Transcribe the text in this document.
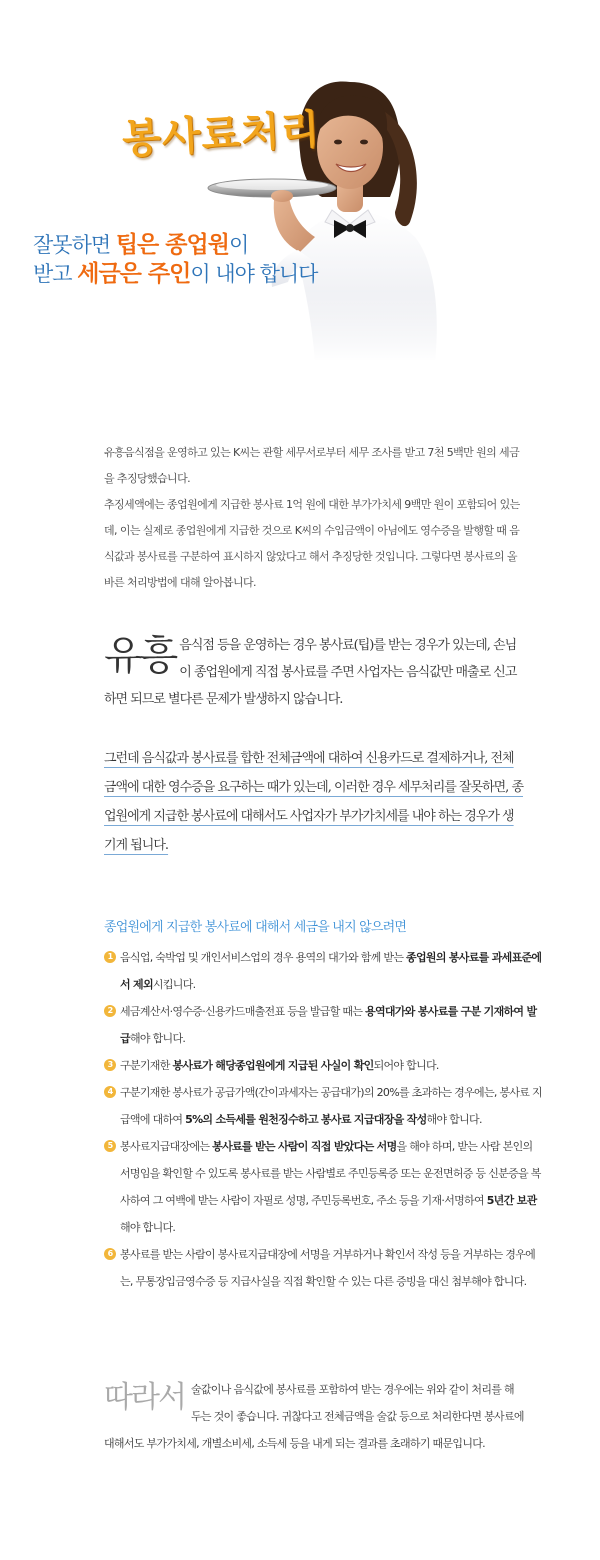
봉사료처리
잘못하면 팁은 종업원이
받고 세금은 주인이 내야 합니다

유흥음식점을 운영하고 있는 K씨는 관할 세무서로부터 세무 조사를 받고 7천 5백만 원의 세금을 추징당했습니다.

추징세액에는 종업원에게 지급한 봉사료 1억 원에 대한 부가가치세 9백만 원이 포함되어 있는데, 이는 실제로 종업원에게 지급한 것으로 K씨의 수입금액이 아님에도 영수증을 발행할 때 음식값과 봉사료를 구분하여 표시하지 않았다고 해서 추징당한 것입니다. 그렇다면 봉사료의 올바른 처리방법에 대해 알아봅니다.

유흥 음식점 등을 운영하는 경우 봉사료(팁)를 받는 경우가 있는데, 손님이 종업원에게 직접 봉사료를 주면 사업자는 음식값만 매출로 신고하면 되므로 별다른 문제가 발생하지 않습니다.

그런데 음식값과 봉사료를 합한 전체금액에 대하여 신용카드로 결제하거나, 전체금액에 대한 영수증을 요구하는 때가 있는데, 이러한 경우 세무처리를 잘못하면, 종업원에게 지급한 봉사료에 대해서도 사업자가 부가가치세를 내야 하는 경우가 생기게 됩니다.

종업원에게 지급한 봉사료에 대해서 세금을 내지 않으려면
1 음식업, 숙박업 및 개인서비스업의 경우 용역의 대가와 함께 받는 종업원의 봉사료를 과세표준에서 제외시킵니다.
2 세금계산서·영수증·신용카드매출전표 등을 발급할 때는 용역대가와 봉사료를 구분 기재하여 발급해야 합니다.
3 구분기재한 봉사료가 해당종업원에게 지급된 사실이 확인되어야 합니다.
4 구분기재한 봉사료가 공급가액(간이과세자는 공급대가)의 20%를 초과하는 경우에는, 봉사료 지급액에 대하여 5%의 소득세를 원천징수하고 봉사료 지급대장을 작성해야 합니다.
5 봉사료지급대장에는 봉사료를 받는 사람이 직접 받았다는 서명을 해야 하며, 받는 사람 본인의 서명임을 확인할 수 있도록 봉사료를 받는 사람별로 주민등록증 또는 운전면허증 등 신분증을 복사하여 그 여백에 받는 사람이 자필로 성명, 주민등록번호, 주소 등을 기재·서명하여 5년간 보관해야 합니다.
6 봉사료를 받는 사람이 봉사료지급대장에 서명을 거부하거나 확인서 작성 등을 거부하는 경우에는, 무통장입금영수증 등 지급사실을 직접 확인할 수 있는 다른 증빙을 대신 첨부해야 합니다.
따라서 술값이나 음식값에 봉사료를 포함하여 받는 경우에는 위와 같이 처리를 해 두는 것이 좋습니다. 귀찮다고 전체금액을 술값 등으로 처리한다면 봉사료에 대해서도 부가가치세, 개별소비세, 소득세 등을 내게 되는 결과를 초래하기 때문입니다.
